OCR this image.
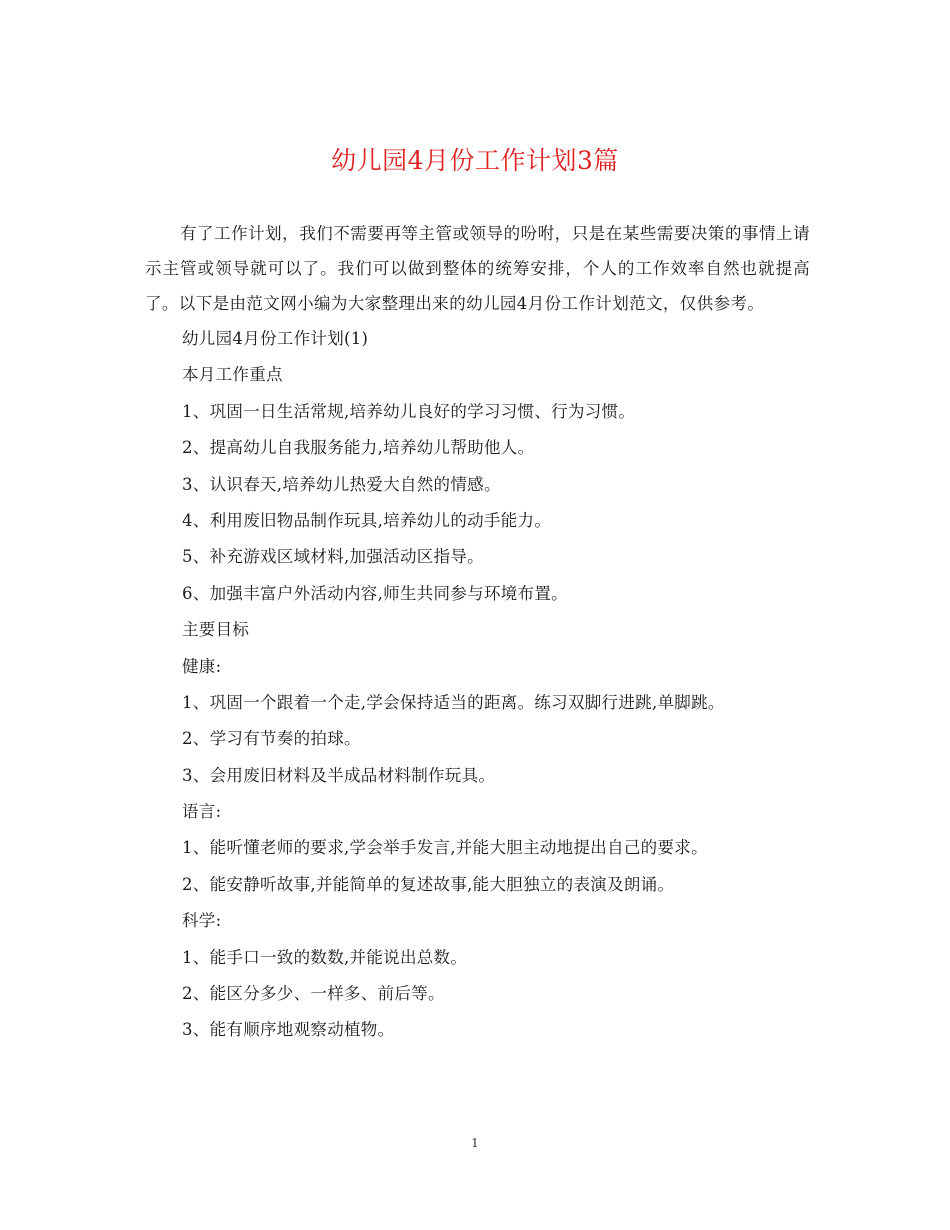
幼儿园4月份工作计划3篇

有了工作计划，我们不需要再等主管或领导的吩咐，只是在某些需要决策的事情上请示主管或领导就可以了。我们可以做到整体的统筹安排，个人的工作效率自然也就提高了。以下是由范文网小编为大家整理出来的幼儿园4月份工作计划范文，仅供参考。

幼儿园4月份工作计划(1)

本月工作重点

1、巩固一日生活常规,培养幼儿良好的学习习惯、行为习惯。

2、提高幼儿自我服务能力,培养幼儿帮助他人。

3、认识春天,培养幼儿热爱大自然的情感。

4、利用废旧物品制作玩具,培养幼儿的动手能力。

5、补充游戏区域材料,加强活动区指导。

6、加强丰富户外活动内容,师生共同参与环境布置。

主要目标

健康:

1、巩固一个跟着一个走,学会保持适当的距离。练习双脚行进跳,单脚跳。

2、学习有节奏的拍球。

3、会用废旧材料及半成品材料制作玩具。

语言:

1、能听懂老师的要求,学会举手发言,并能大胆主动地提出自己的要求。

2、能安静听故事,并能简单的复述故事,能大胆独立的表演及朗诵。

科学:

1、能手口一致的数数,并能说出总数。

2、能区分多少、一样多、前后等。

3、能有顺序地观察动植物。

1
